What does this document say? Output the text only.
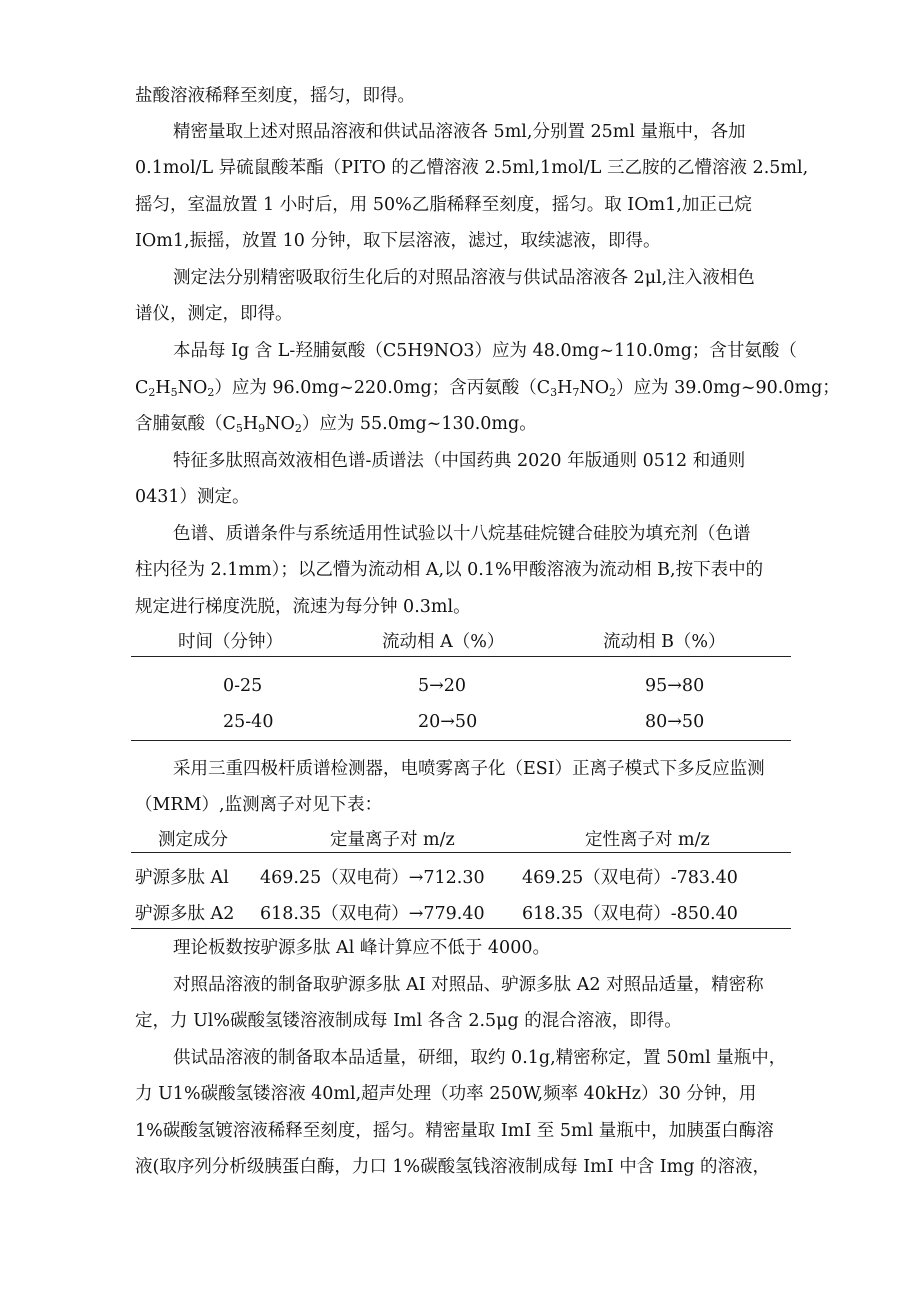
盐酸溶液稀释至刻度，摇匀，即得。
精密量取上述对照品溶液和供试品溶液各 5ml,分别置 25ml 量瓶中，各加
0.1mol/L 异硫鼠酸苯酯（PITO 的乙懵溶液 2.5ml,1mol/L 三乙胺的乙懵溶液 2.5ml,
摇匀，室温放置 1 小时后，用 50%乙脂稀释至刻度，摇匀。取 IOm1,加正己烷
IOm1,振摇，放置 10 分钟，取下层溶液，滤过，取续滤液，即得。
测定法分别精密吸取衍生化后的对照品溶液与供试品溶液各 2μl,注入液相色
谱仪，测定，即得。
本品每 Ig 含 L-羟脯氨酸（C5H9NO3）应为 48.0mg~110.0mg；含甘氨酸（
$C_2H_5NO_2$）应为 96.0mg~220.0mg；含丙氨酸$(C_3H_7NO_2)$应为 39.0mg~90.0mg；
含脯氨酸$(C_5H_9NO_2)$应为 55.0mg~130.0mg。
特征多肽照高效液相色谱-质谱法（中国药典 2020 年版通则 0512 和通则
0431）测定。
色谱、质谱条件与系统适用性试验以十八烷基硅烷键合硅胶为填充剂（色谱
柱内径为 2.1mm）；以乙懵为流动相 A,以 0.1%甲酸溶液为流动相 B,按下表中的
规定进行梯度洗脱，流速为每分钟 0.3ml。
时间（分钟）	流动相 A（%）	流动相 B（%）
0-25	5→20	95→80
25-40	20→50	80→50
采用三重四极杆质谱检测器，电喷雾离子化（ESI）正离子模式下多反应监测
（MRM）,监测离子对见下表：
测定成分	定量离子对 m/z	定性离子对 m/z
驴源多肽 Al 469.25（双电荷）→712.30 469.25（双电荷）-783.40
驴源多肽 A2 618.35（双电荷）→779.40 618.35（双电荷）-850.40
理论板数按驴源多肽 Al 峰计算应不低于 4000。
对照品溶液的制备取驴源多肽 AI 对照品、驴源多肽 A2 对照品适量，精密称
定，力 Ul%碳酸氢镂溶液制成每 Iml 各含 2.5μg 的混合溶液，即得。
供试品溶液的制备取本品适量，研细，取约 0.1g,精密称定，置 50ml 量瓶中，
力 U1%碳酸氢镂溶液 40ml,超声处理（功率 250W,频率 40kHz）30 分钟，用
1%碳酸氢镀溶液稀释至刻度，摇匀。精密量取 ImI 至 5ml 量瓶中，加胰蛋白酶溶
液(取序列分析级胰蛋白酶，力口 1%碳酸氢钱溶液制成每 ImI 中含 Img 的溶液，
